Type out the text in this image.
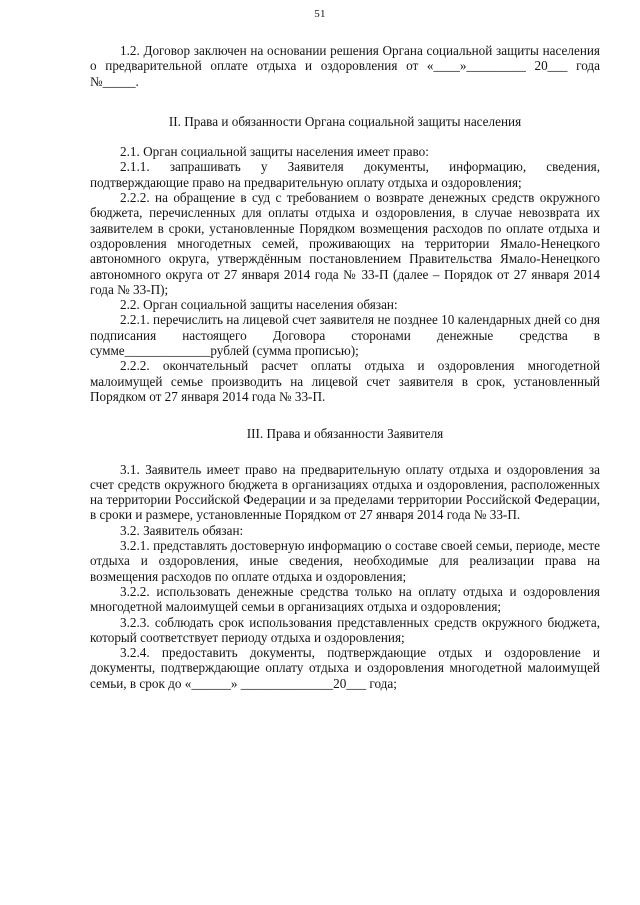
51

1.2. Договор заключен на основании решения Органа социальной защиты населения о предварительной оплате отдыха и оздоровления от «____»_________ 20___ года №_____.

II. Права и обязанности Органа социальной защиты населения

2.1. Орган социальной защиты населения имеет право:

2.1.1. запрашивать у Заявителя документы, информацию, сведения, подтверждающие право на предварительную оплату отдыха и оздоровления;

2.2.2. на обращение в суд с требованием о возврате денежных средств окружного бюджета, перечисленных для оплаты отдыха и оздоровления, в случае невозврата их заявителем в сроки, установленные Порядком возмещения расходов по оплате отдыха и оздоровления многодетных семей, проживающих на территории Ямало-Ненецкого автономного округа, утверждённым постановлением Правительства Ямало-Ненецкого автономного округа от 27 января 2014 года № 33-П (далее – Порядок от 27 января 2014 года № 33-П);

2.2. Орган социальной защиты населения обязан:

2.2.1. перечислить на лицевой счет заявителя не позднее 10 календарных дней со дня подписания настоящего Договора сторонами денежные средства в сумме_____________рублей (сумма прописью);

2.2.2. окончательный расчет оплаты отдыха и оздоровления многодетной малоимущей семье производить на лицевой счет заявителя в срок, установленный Порядком от 27 января 2014 года № 33-П.

III. Права и обязанности Заявителя

3.1. Заявитель имеет право на предварительную оплату отдыха и оздоровления за счет средств окружного бюджета в организациях отдыха и оздоровления, расположенных на территории Российской Федерации и за пределами территории Российской Федерации, в сроки и размере, установленные Порядком от 27 января 2014 года № 33-П.

3.2. Заявитель обязан:

3.2.1. представлять достоверную информацию о составе своей семьи, периоде, месте отдыха и оздоровления, иные сведения, необходимые для реализации права на возмещения расходов по оплате отдыха и оздоровления;

3.2.2. использовать денежные средства только на оплату отдыха и оздоровления многодетной малоимущей семьи в организациях отдыха и оздоровления;

3.2.3. соблюдать срок использования представленных средств окружного бюджета, который соответствует периоду отдыха и оздоровления;

3.2.4. предоставить документы, подтверждающие отдых и оздоровление и документы, подтверждающие оплату отдыха и оздоровления многодетной малоимущей семьи, в срок до «______» ______________20___ года;
